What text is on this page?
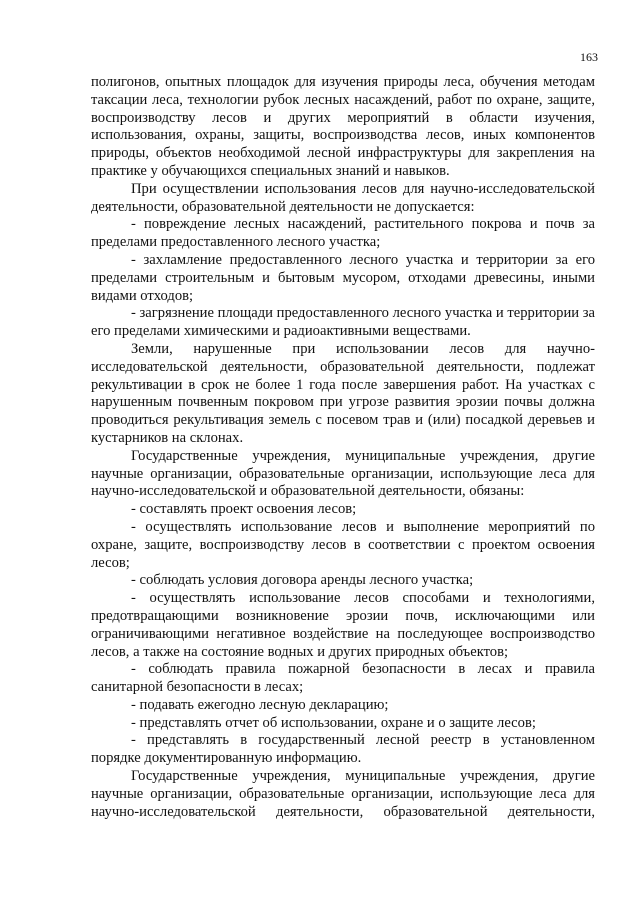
163

полигонов, опытных площадок для изучения природы леса, обучения методам таксации леса, технологии рубок лесных насаждений, работ по охране, защите, воспроизводству лесов и других мероприятий в области изучения, использования, охраны, защиты, воспроизводства лесов, иных компонентов природы, объектов необходимой лесной инфраструктуры для закрепления на практике у обучающихся специальных знаний и навыков.

При осуществлении использования лесов для научно-исследовательской деятельности, образовательной деятельности не допускается:

- повреждение лесных насаждений, растительного покрова и почв за пределами предоставленного лесного участка;

- захламление предоставленного лесного участка и территории за его пределами строительным и бытовым мусором, отходами древесины, иными видами отходов;

- загрязнение площади предоставленного лесного участка и территории за его пределами химическими и радиоактивными веществами.

Земли, нарушенные при использовании лесов для научно-исследовательской деятельности, образовательной деятельности, подлежат рекультивации в срок не более 1 года после завершения работ. На участках с нарушенным почвенным покровом при угрозе развития эрозии почвы должна проводиться рекультивация земель с посевом трав и (или) посадкой деревьев и кустарников на склонах.

Государственные учреждения, муниципальные учреждения, другие научные организации, образовательные организации, использующие леса для научно-исследовательской и образовательной деятельности, обязаны:

- составлять проект освоения лесов;

- осуществлять использование лесов и выполнение мероприятий по охране, защите, воспроизводству лесов в соответствии с проектом освоения лесов;

- соблюдать условия договора аренды лесного участка;

- осуществлять использование лесов способами и технологиями, предотвращающими возникновение эрозии почв, исключающими или ограничивающими негативное воздействие на последующее воспроизводство лесов, а также на состояние водных и других природных объектов;

- соблюдать правила пожарной безопасности в лесах и правила санитарной безопасности в лесах;

- подавать ежегодно лесную декларацию;

- представлять отчет об использовании, охране и о защите лесов;

- представлять в государственный лесной реестр в установленном порядке документированную информацию.

Государственные учреждения, муниципальные учреждения, другие научные организации, образовательные организации, использующие леса для научно-исследовательской деятельности, образовательной деятельности,
